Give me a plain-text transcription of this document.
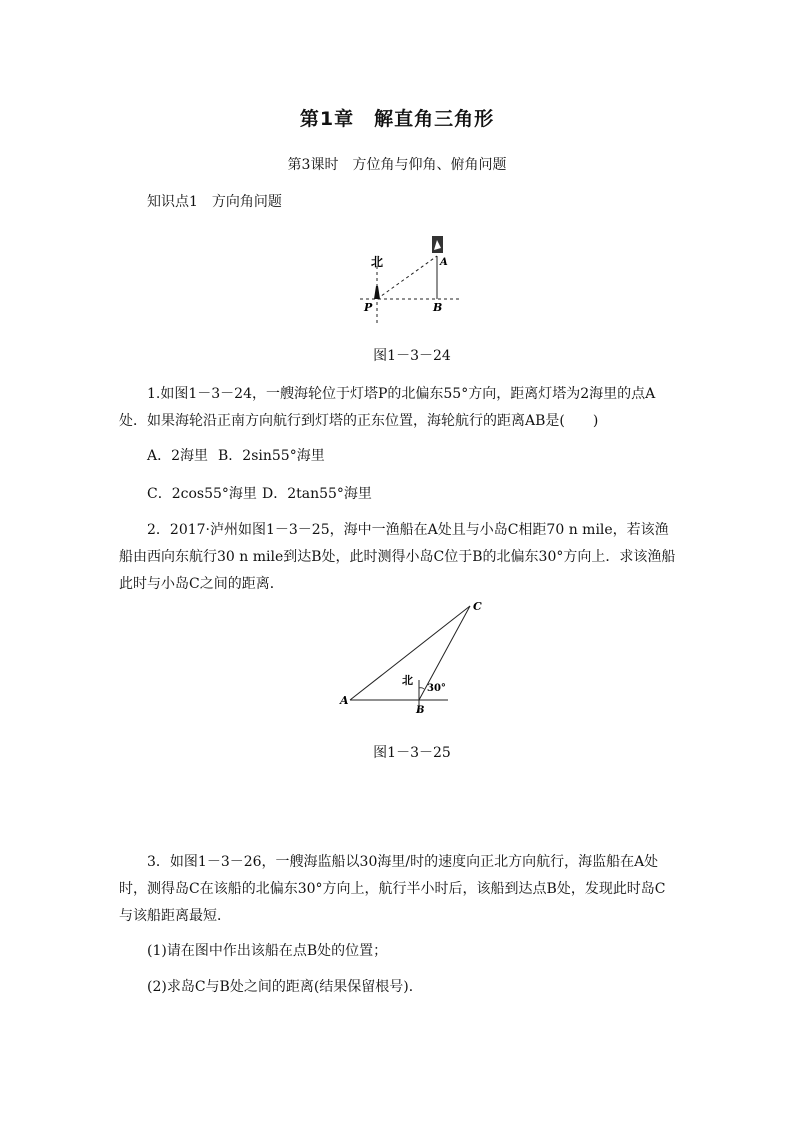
第1章　解直角三角形
第3课时　方位角与仰角、俯角问题
知识点1　方向角问题
北
P
A
B
图1－3－24
1.如图1－3－24，一艘海轮位于灯塔P的北偏东55°方向，距离灯塔为2海里的点A处．如果海轮沿正南方向航行到灯塔的正东位置，海轮航行的距离AB是(　　)
A．2海里 B．2sin55°海里
C．2cos55°海里 D．2tan55°海里
2．2017·泸州如图1－3－25，海中一渔船在A处且与小岛C相距70 n mile，若该渔船由西向东航行30 n mile到达B处，此时测得小岛C位于B的北偏东30°方向上．求该渔船此时与小岛C之间的距离．
A
B
C
北
30°
图1－3－25
3．如图1－3－26，一艘海监船以30海里/时的速度向正北方向航行，海监船在A处时，测得岛C在该船的北偏东30°方向上，航行半小时后，该船到达点B处，发现此时岛C与该船距离最短．
(1)请在图中作出该船在点B处的位置；
(2)求岛C与B处之间的距离(结果保留根号)．
